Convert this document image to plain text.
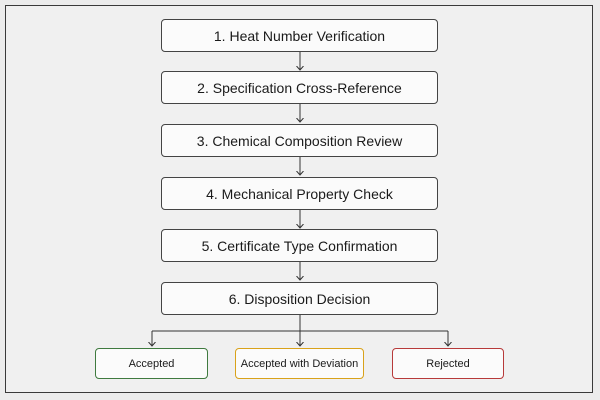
1. Heat Number Verification
2. Specification Cross-Reference
3. Chemical Composition Review
4. Mechanical Property Check
5. Certificate Type Confirmation
6. Disposition Decision
Accepted	Accepted with Deviation	Rejected
